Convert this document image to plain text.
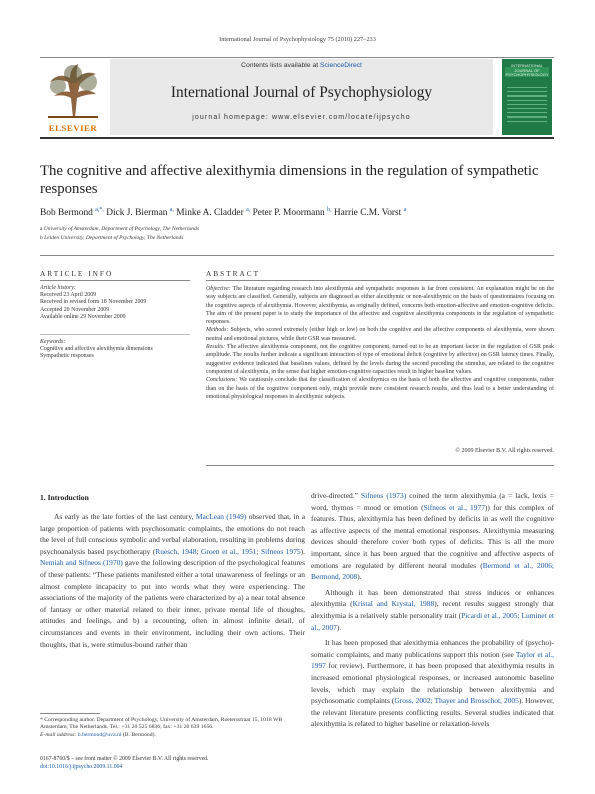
International Journal of Psychophysiology 75 (2010) 227–233
ELSEVIER
Contents lists available at ScienceDirect
International Journal of Psychophysiology
journal homepage: www.elsevier.com/locate/ijpsycho
INTERNATIONAL JOURNAL OF PSYCHOPHYSIOLOGY
The cognitive and affective alexithymia dimensions in the regulation of sympathetic responses
Bob Bermond $^{a,*,}$ Dick J. Bierman $^{a,}$ Minke A. Cladder $^{a,}$ Peter P. Moormann $^{b,}$ Harrie C.M. Vorst $^a$
a University of Amsterdam, Department of Psychology, The Netherlands
b Leiden University, Department of Psychology, The Netherlands
ARTICLE INFO	ABSTRACT
Article history:
Received 23 April 2009
Received in revised form 18 November 2009
Accepted 20 November 2009
Available online 29 November 2009
Keywords:
Cognitive and affective alexithymia dimensions
Sympathetic responses
Objective: The literature regarding research into alexithymia and sympathetic responses is far from consistent. An explanation might be on the way subjects are classified. Generally, subjects are diagnosed as either alexithymic or non-alexithymic on the basis of questionnaires focusing on the cognitive aspects of alexithymia. However, alexithymia, as originally defined, concerns both emotion-affective and emotion-cognitive deficits. The aim of the present paper is to study the importance of the affective and cognitive alexithymia components in the regulation of sympathetic responses.
Methods: Subjects, who scored extremely (either high or low) on both the cognitive and the affective components of alexithymia, were shown neutral and emotional pictures, while their GSR was measured.
Results: The affective alexithymia component, not the cognitive component, turned out to be an important factor in the regulation of GSR peak amplitude. The results further indicate a significant interaction of type of emotional deficit (cognitive by affective) on GSR latency times. Finally, suggestive evidence indicated that baselines values, defined by the levels during the second preceding the stimulus, are related to the cognitive component of alexithymia, in the sense that higher emotion-cognitive capacities result in higher baseline values.
Conclusions: We cautiously conclude that the classification of alexithymics on the basis of both the affective and cognitive components, rather than on the basis of the cognitive component only, might provide more consistent research results, and thus lead to a better understanding of emotional physiological responses in alexithymic subjects.
© 2009 Elsevier B.V. All rights reserved.
1. Introduction

As early as the late forties of the last century, MacLean (1949) observed that, in a large proportion of patients with psychosomatic complaints, the emotions do not reach the level of full conscious symbolic and verbal elaboration, resulting in problems during psychoanalysis based psychotherapy (Ruesch, 1948; Groen et al., 1951; Sifneos 1975). Nemiah and Sifneos (1970) gave the following description of the psychological features of these patients: “These patients manifested either a total unawareness of feelings or an almost complete incapacity to put into words what they were experiencing. The associations of the majority of the patients were characterized by a) a near total absence of fantasy or other material related to their inner, private mental life of thoughts, attitudes and feelings, and b) a recounting, often in almost infinite detail, of circumstances and events in their environment, including their own actions. Their thoughts, that is, were stimulus-bound rather than

drive-directed.” Sifneos (1973) coined the term alexithymia (a = lack, lexis = word, thymos = mood or emotion (Sifneos et al., 1977)) for this complex of features. Thus, alexithymia has been defined by deficits in as well the cognitive as affective aspects of the mental emotional responses. Alexithymia measuring devices should therefore cover both types of deficits. This is all the more important, since it has been argued that the cognitive and affective aspects of emotions are regulated by different neural modules (Bermond et al., 2006; Bermond, 2008).

Although it has been demonstrated that stress induces or enhances alexithymia (Kristal and Krystal, 1988), recent results suggest strongly that alexithymia is a relatively stable personality trait (Picardi et al., 2005; Luminet et al., 2007).

It has been proposed that alexithymia enhances the probability of (psycho)-somatic complaints, and many publications support this notion (see Taylor et al., 1997 for review). Furthermore, it has been proposed that alexithymia results in increased emotional physiological responses, or increased autonomic baseline levels, which may explain the relationship between alexithymia and psychosomatic complaints (Gross, 2002; Thayer and Brosschot, 2005). However, the relevant literature presents conflicting results. Several studies indicated that alexithymia is related to higher baseline or relaxation-levels

* Corresponding author. Department of Psychology, University of Amsterdam, Roetersstraat 15, 1018 WB Amsterdam, The Netherlands. Tel.: +31 20 525 6836; fax: +31 20 639 1656.
E-mail address: b.bermond@uva.nl (B. Bermond).
0167-8760/$ – see front matter © 2009 Elsevier B.V. All rights reserved.
doi:10.1016/j.ijpsycho.2009.11.004
